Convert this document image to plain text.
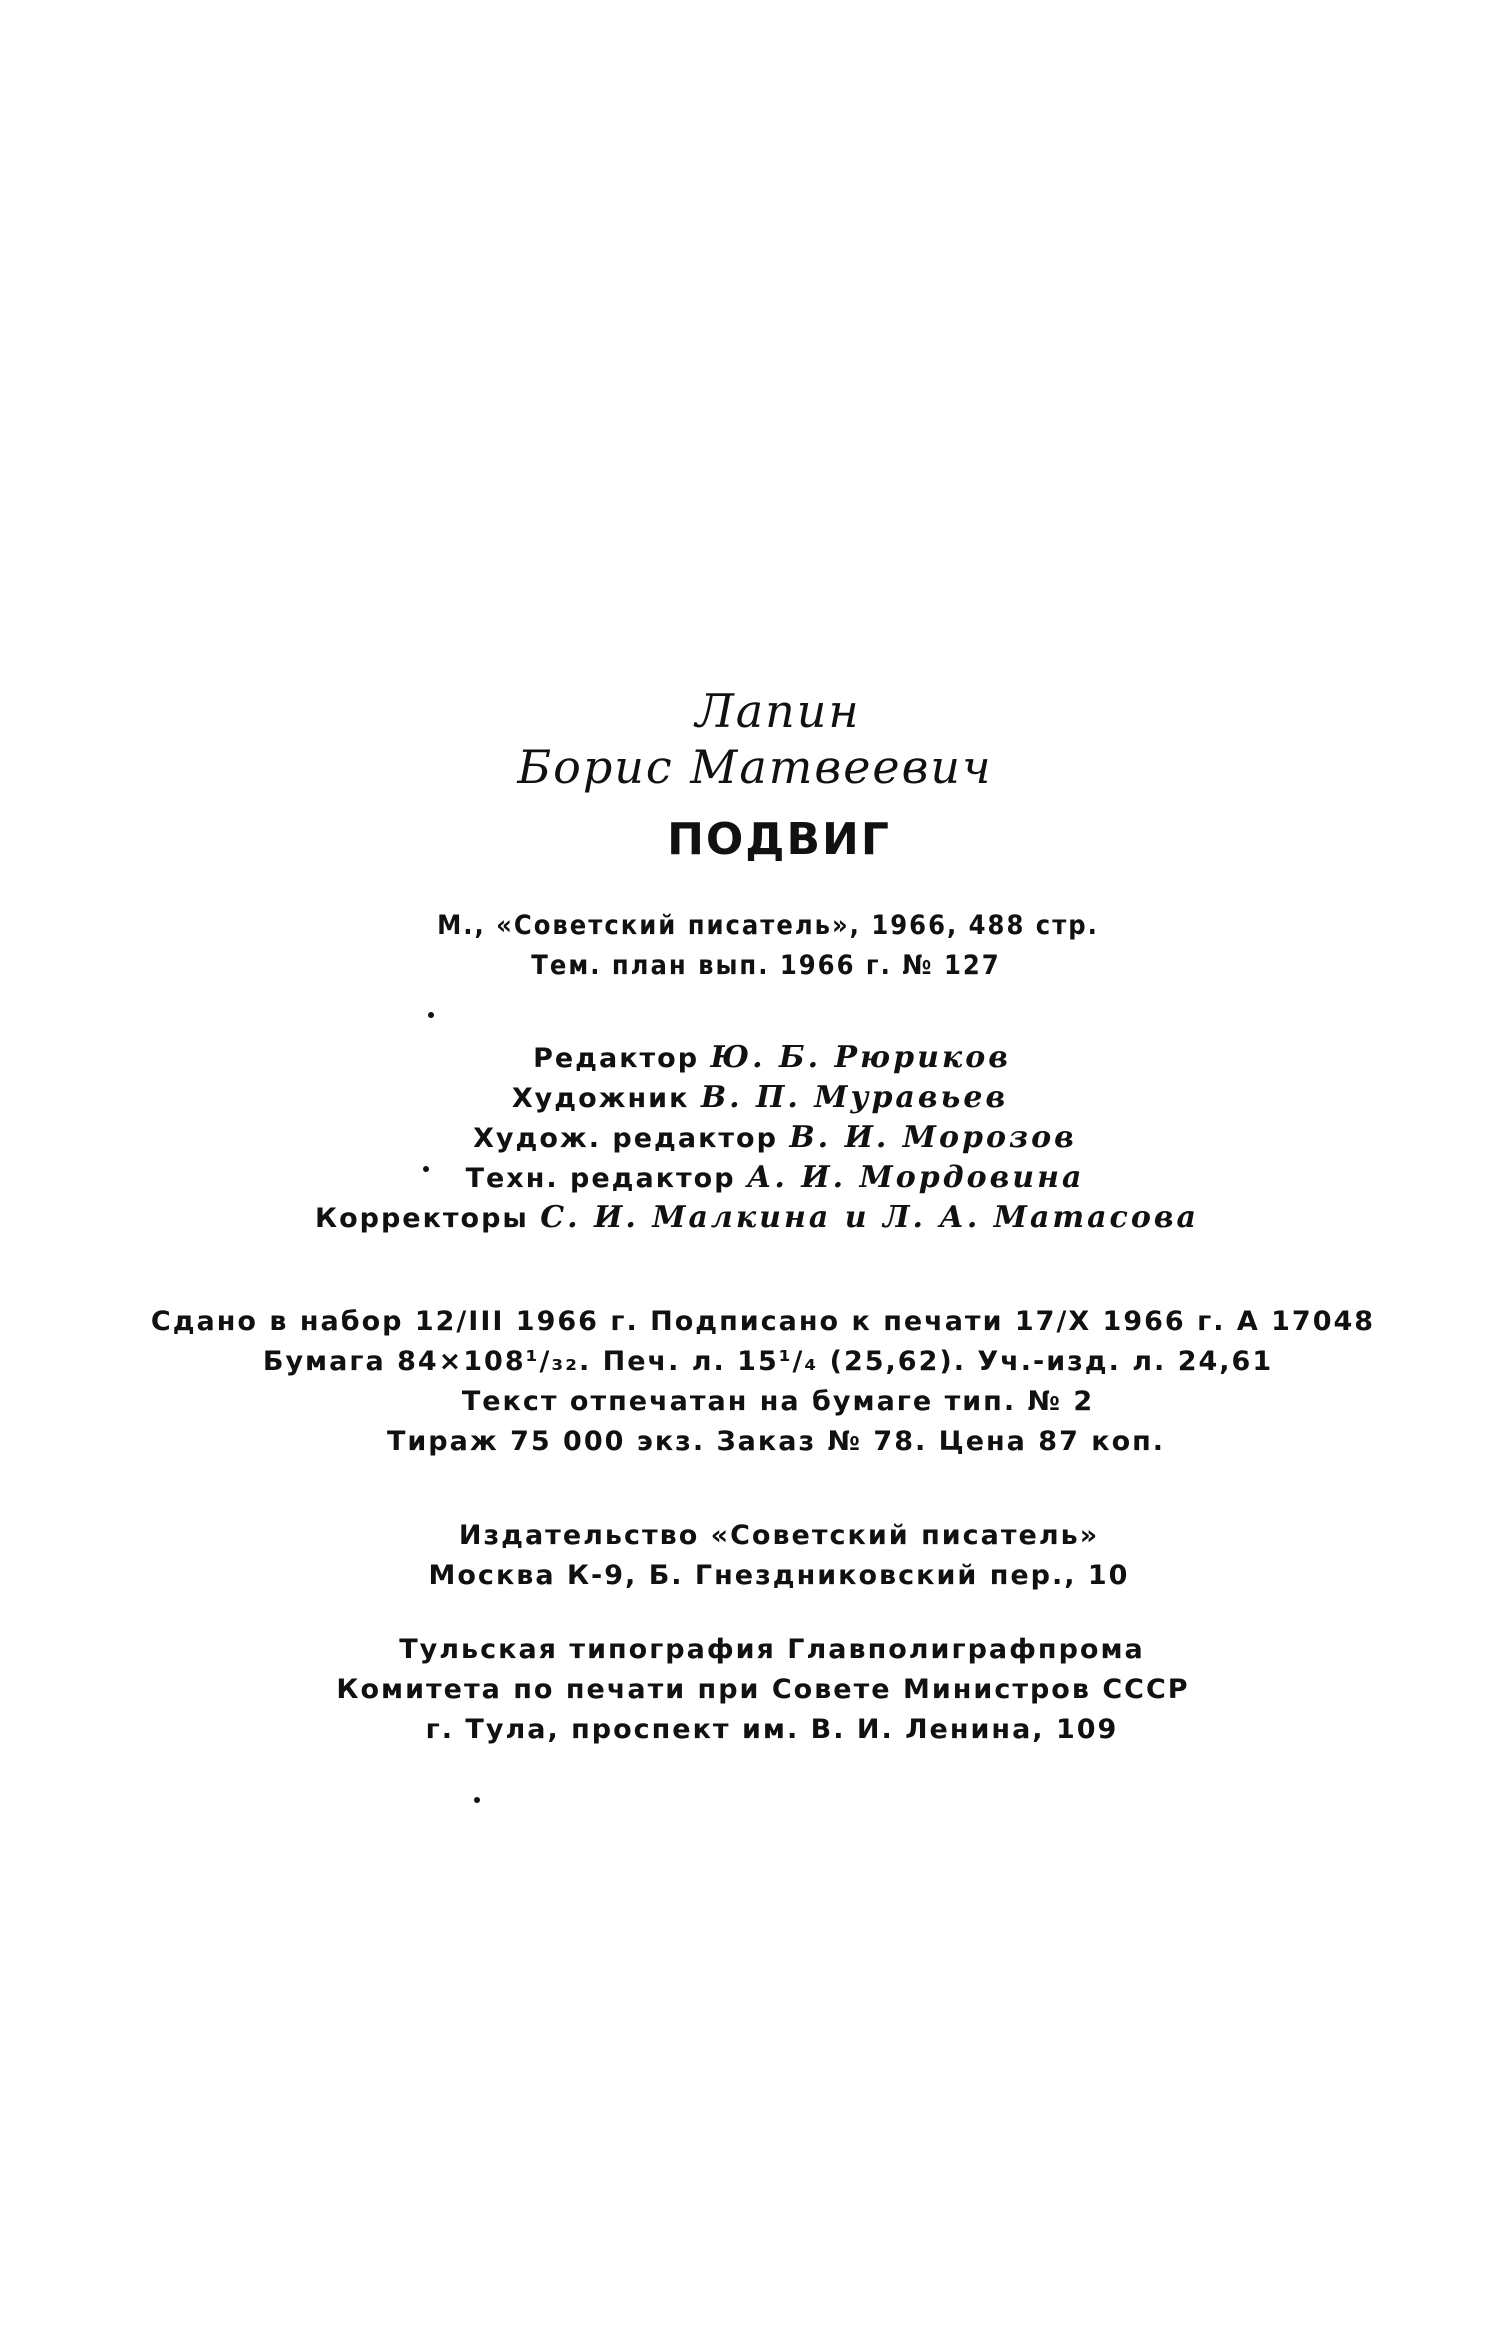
Лапин
Борис Матвеевич
ПОДВИГ
М., «Советский писатель», 1966, 488 стр.
Тем. план вып. 1966 г. № 127
Редактор Ю. Б. Рюриков
Художник В. П. Муравьев
Худож. редактор В. И. Морозов
Техн. редактор А. И. Мордовина
Корректоры С. И. Малкина и Л. А. Матасова
Сдано в набор 12/III 1966 г. Подписано к печати 17/X 1966 г. А 17048
Бумага 84×108¹/₃₂. Печ. л. 15¹/₄ (25,62). Уч.-изд. л. 24,61
Текст отпечатан на бумаге тип. № 2
Тираж 75 000 экз. Заказ № 78. Цена 87 коп.
Издательство «Советский писатель»
Москва К-9, Б. Гнездниковский пер., 10
Тульская типография Главполиграфпрома
Комитета по печати при Совете Министров СССР
г. Тула, проспект им. В. И. Ленина, 109
